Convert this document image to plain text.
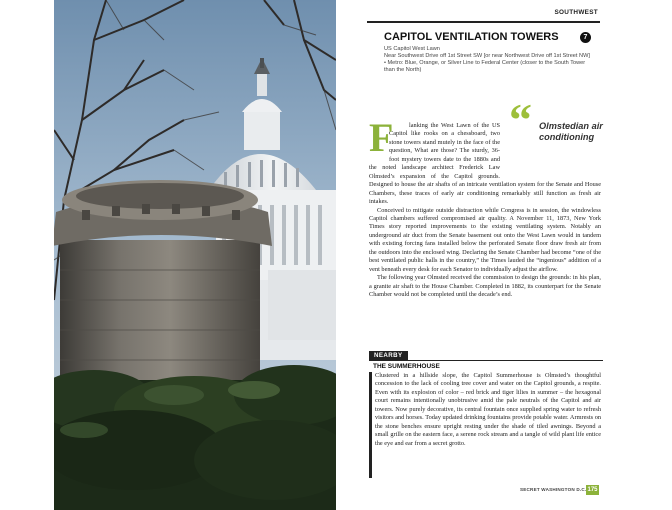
SOUTHWEST
CAPITOL VENTILATION TOWERS	7
US Capitol West Lawn
Near Southwest Drive off 1st Street SW [or near Northwest Drive off 1st Street NW]
• Metro: Blue, Orange, or Silver Line to Federal Center (closer to the South Tower than the North)
“ Olmstedian air conditioning

lanking the West Lawn of the US Capitol like rooks on a chessboard, two stone towers stand mutely in the face of the question, What are those? The sturdy, 36-foot mystery towers date to the 1880s and the noted landscape architect Frederick Law Olmsted’s expansion of the Capitol grounds. Designed to house the air shafts of an intricate ventilation system for the Senate and House Chambers, these traces of early air conditioning remarkably still function as fresh air intakes.

Conceived to mitigate outside distraction while Congress is in session, the windowless Capitol chambers suffered compromised air quality. A November 11, 1873, New York Times story reported improvements to the existing ventilating system. Notably an underground air duct from the Senate basement out onto the West Lawn would in tandem with existing forcing fans installed below the perforated Senate floor draw fresh air from the outdoors into the enclosed wing. Declaring the Senate Chamber had become “one of the best ventilated public halls in the country,” the Times lauded the “ingenious” addition of a vent beneath every desk for each Senator to individually adjust the airflow.

The following year Olmsted received the commission to design the grounds: in his plan, a granite air shaft to the House Chamber. Completed in 1882, its counterpart for the Senate Chamber would not be completed until the decade’s end.

F
NEARBY
THE SUMMERHOUSE
Clustered in a hillside slope, the Capitol Summerhouse is Olmsted’s thoughtful concession to the lack of cooling tree cover and water on the Capitol grounds, a respite. Even with its explosion of color – red brick and tiger lilies in summer – the hexagonal court remains intentionally unobtrusive amid the pale neutrals of the Capitol and air towers. Now purely decorative, its central fountain once supplied spring water to refresh visitors and horses. Today updated drinking fountains provide potable water. Armrests on the stone benches ensure upright resting under the shade of tiled awnings. Beyond a small grille on the eastern face, a serene rock stream and a tangle of wild plant life entice the eye and ear from a secret grotto.
SECRET WASHINGTON D.C. 175
